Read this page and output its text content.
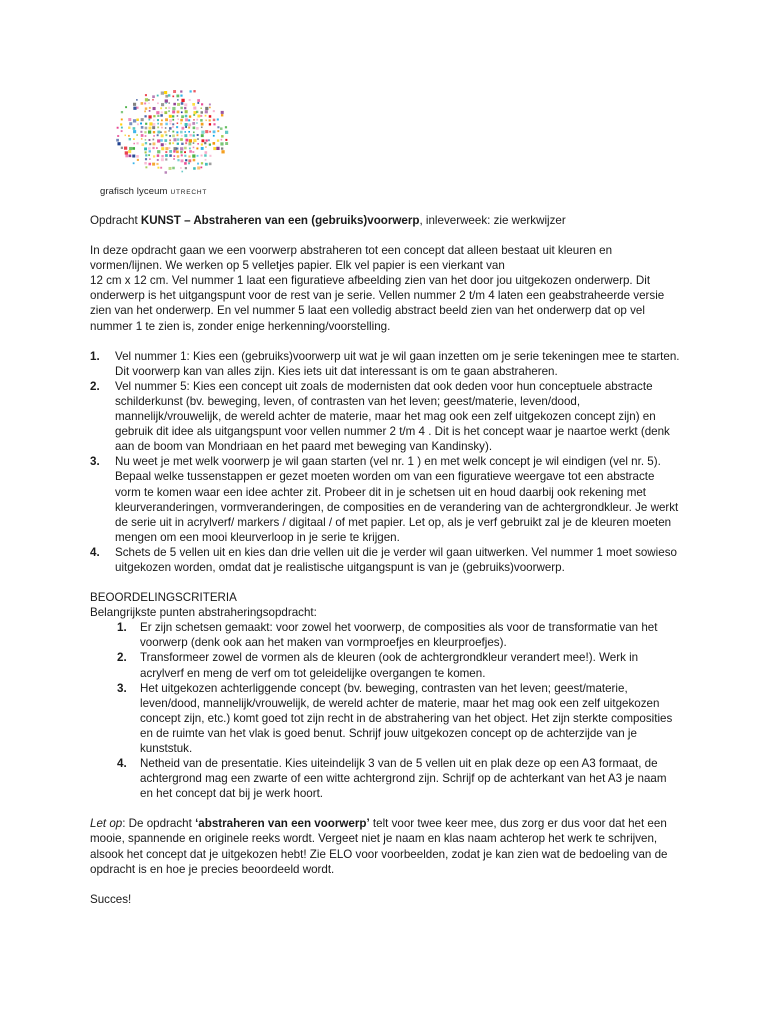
grafisch lyceum UTRECHT

Opdracht KUNST – Abstraheren van een (gebruiks)voorwerp, inleverweek: zie werkwijzer

In deze opdracht gaan we een voorwerp abstraheren tot een concept dat alleen bestaat uit kleuren en vormen/lijnen. We werken op 5 velletjes papier. Elk vel papier is een vierkant van

12 cm x 12 cm. Vel nummer 1 laat een figuratieve afbeelding zien van het door jou uitgekozen onderwerp. Dit onderwerp is het uitgangspunt voor de rest van je serie. Vellen nummer 2 t/m 4 laten een geabstraheerde versie zien van het onderwerp. En vel nummer 5 laat een volledig abstract beeld zien van het onderwerp dat op vel nummer 1 te zien is, zonder enige herkenning/voorstelling.

1. Vel nummer 1: Kies een (gebruiks)voorwerp uit wat je wil gaan inzetten om je serie tekeningen mee te starten. Dit voorwerp kan van alles zijn. Kies iets uit dat interessant is om te gaan abstraheren.
2. Vel nummer 5: Kies een concept uit zoals de modernisten dat ook deden voor hun conceptuele abstracte schilderkunst (bv. beweging, leven, of contrasten van het leven; geest/materie, leven/dood, mannelijk/vrouwelijk, de wereld achter de materie, maar het mag ook een zelf uitgekozen concept zijn) en gebruik dit idee als uitgangspunt voor vellen nummer 2 t/m 4 . Dit is het concept waar je naartoe werkt (denk aan de boom van Mondriaan en het paard met beweging van Kandinsky).
3. Nu weet je met welk voorwerp je wil gaan starten (vel nr. 1 ) en met welk concept je wil eindigen (vel nr. 5). Bepaal welke tussenstappen er gezet moeten worden om van een figuratieve weergave tot een abstracte vorm te komen waar een idee achter zit. Probeer dit in je schetsen uit en houd daarbij ook rekening met kleurveranderingen, vormveranderingen, de composities en de verandering van de achtergrondkleur. Je werkt de serie uit in acrylverf/ markers / digitaal / of met papier. Let op, als je verf gebruikt zal je de kleuren moeten mengen om een mooi kleurverloop in je serie te krijgen.
4. Schets de 5 vellen uit en kies dan drie vellen uit die je verder wil gaan uitwerken. Vel nummer 1 moet sowieso uitgekozen worden, omdat dat je realistische uitgangspunt is van je (gebruiks)voorwerp.

BEOORDELINGSCRITERIA

Belangrijkste punten abstraheringsopdracht:

1. Er zijn schetsen gemaakt: voor zowel het voorwerp, de composities als voor de transformatie van het voorwerp (denk ook aan het maken van vormproefjes en kleurproefjes).
2. Transformeer zowel de vormen als de kleuren (ook de achtergrondkleur verandert mee!). Werk in acrylverf en meng de verf om tot geleidelijke overgangen te komen.
3. Het uitgekozen achterliggende concept (bv. beweging, contrasten van het leven; geest/materie, leven/dood, mannelijk/vrouwelijk, de wereld achter de materie, maar het mag ook een zelf uitgekozen concept zijn, etc.) komt goed tot zijn recht in de abstrahering van het object. Het zijn sterkte composities en de ruimte van het vlak is goed benut. Schrijf jouw uitgekozen concept op de achterzijde van je kunststuk.
4. Netheid van de presentatie. Kies uiteindelijk 3 van de 5 vellen uit en plak deze op een A3 formaat, de achtergrond mag een zwarte of een witte achtergrond zijn. Schrijf op de achterkant van het A3 je naam en het concept dat bij je werk hoort.

Let op: De opdracht ‘abstraheren van een voorwerp’ telt voor twee keer mee, dus zorg er dus voor dat het een mooie, spannende en originele reeks wordt. Vergeet niet je naam en klas naam achterop het werk te schrijven, alsook het concept dat je uitgekozen hebt! Zie ELO voor voorbeelden, zodat je kan zien wat de bedoeling van de opdracht is en hoe je precies beoordeeld wordt.

Succes!
